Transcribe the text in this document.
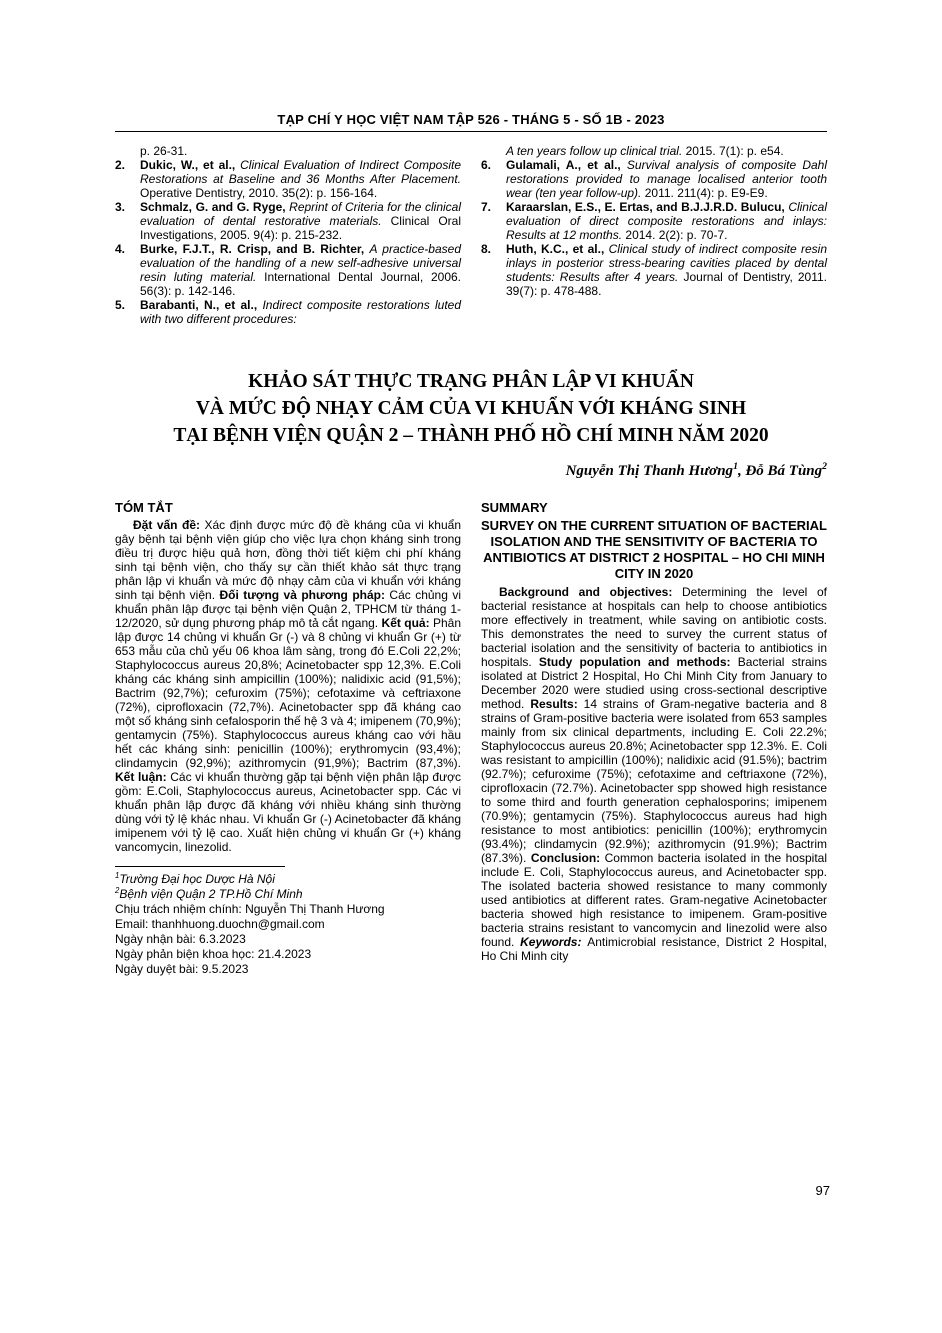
TẠP CHÍ Y HỌC VIỆT NAM TẬP 526 - THÁNG 5 - SỐ 1B - 2023

p. 26-31.

2. Dukic, W., et al., Clinical Evaluation of Indirect Composite Restorations at Baseline and 36 Months After Placement. Operative Dentistry, 2010. 35(2): p. 156-164.

3. Schmalz, G. and G. Ryge, Reprint of Criteria for the clinical evaluation of dental restorative materials. Clinical Oral Investigations, 2005. 9(4): p. 215-232.

4. Burke, F.J.T., R. Crisp, and B. Richter, A practice-based evaluation of the handling of a new self-adhesive universal resin luting material. International Dental Journal, 2006. 56(3): p. 142-146.

5. Barabanti, N., et al., Indirect composite restorations luted with two different procedures:

A ten years follow up clinical trial. 2015. 7(1): p. e54.

6. Gulamali, A., et al., Survival analysis of composite Dahl restorations provided to manage localised anterior tooth wear (ten year follow-up). 2011. 211(4): p. E9-E9.

7. Karaarslan, E.S., E. Ertas, and B.J.J.R.D. Bulucu, Clinical evaluation of direct composite restorations and inlays: Results at 12 months. 2014. 2(2): p. 70-7.

8. Huth, K.C., et al., Clinical study of indirect composite resin inlays in posterior stress-bearing cavities placed by dental students: Results after 4 years. Journal of Dentistry, 2011. 39(7): p. 478-488.

KHẢO SÁT THỰC TRẠNG PHÂN LẬP VI KHUẨN
VÀ MỨC ĐỘ NHẠY CẢM CỦA VI KHUẨN VỚI KHÁNG SINH
TẠI BỆNH VIỆN QUẬN 2 – THÀNH PHỐ HỒ CHÍ MINH NĂM 2020
Nguyễn Thị Thanh Hương$^1$, Đỗ Bá Tùng$^2$
TÓM TẮT

Đặt vấn đề: Xác định được mức độ đề kháng của vi khuẩn gây bệnh tại bệnh viện giúp cho việc lựa chọn kháng sinh trong điều trị được hiệu quả hơn, đồng thời tiết kiệm chi phí kháng sinh tại bệnh viện, cho thấy sự cần thiết khảo sát thực trạng phân lập vi khuẩn và mức độ nhạy cảm của vi khuẩn với kháng sinh tại bệnh viện. Đối tượng và phương pháp: Các chủng vi khuẩn phân lập được tại bệnh viện Quận 2, TPHCM từ tháng 1-12/2020, sử dụng phương pháp mô tả cắt ngang. Kết quả: Phân lập được 14 chủng vi khuẩn Gr (-) và 8 chủng vi khuẩn Gr (+) từ 653 mẫu của chủ yếu 06 khoa lâm sàng, trong đó E.Coli 22,2%; Staphylococcus aureus 20,8%; Acinetobacter spp 12,3%. E.Coli kháng các kháng sinh ampicillin (100%); nalidixic acid (91,5%); Bactrim (92,7%); cefuroxim (75%); cefotaxime và ceftriaxone (72%), ciprofloxacin (72,7%). Acinetobacter spp đã kháng cao một số kháng sinh cefalosporin thế hệ 3 và 4; imipenem (70,9%); gentamycin (75%). Staphylococcus aureus kháng cao với hầu hết các kháng sinh: penicillin (100%); erythromycin (93,4%); clindamycin (92,9%); azithromycin (91,9%); Bactrim (87,3%). Kết luận: Các vi khuẩn thường gặp tại bệnh viện phân lập được gồm: E.Coli, Staphylococcus aureus, Acinetobacter spp. Các vi khuẩn phân lập được đã kháng với nhiều kháng sinh thường dùng với tỷ lệ khác nhau. Vi khuẩn Gr (-) Acinetobacter đã kháng imipenem với tỷ lệ cao. Xuất hiện chủng vi khuẩn Gr (+) kháng vancomycin, linezolid.

$^1$Trường Đại học Dược Hà Nội
$^2$Bệnh viện Quận 2 TP.Hồ Chí Minh
Chịu trách nhiệm chính: Nguyễn Thị Thanh Hương
Email: thanhhuong.duochn@gmail.com
Ngày nhận bài: 6.3.2023
Ngày phản biện khoa học: 21.4.2023
Ngày duyệt bài: 9.5.2023
SUMMARY
SURVEY ON THE CURRENT SITUATION OF BACTERIAL ISOLATION AND THE SENSITIVITY OF BACTERIA TO ANTIBIOTICS AT DISTRICT 2 HOSPITAL – HO CHI MINH CITY IN 2020

Background and objectives: Determining the level of bacterial resistance at hospitals can help to choose antibiotics more effectively in treatment, while saving on antibiotic costs. This demonstrates the need to survey the current status of bacterial isolation and the sensitivity of bacteria to antibiotics in hospitals. Study population and methods: Bacterial strains isolated at District 2 Hospital, Ho Chi Minh City from January to December 2020 were studied using cross-sectional descriptive method. Results: 14 strains of Gram-negative bacteria and 8 strains of Gram-positive bacteria were isolated from 653 samples mainly from six clinical departments, including E. Coli 22.2%; Staphylococcus aureus 20.8%; Acinetobacter spp 12.3%. E. Coli was resistant to ampicillin (100%); nalidixic acid (91.5%); bactrim (92.7%); cefuroxime (75%); cefotaxime and ceftriaxone (72%), ciprofloxacin (72.7%). Acinetobacter spp showed high resistance to some third and fourth generation cephalosporins; imipenem (70.9%); gentamycin (75%). Staphylococcus aureus had high resistance to most antibiotics: penicillin (100%); erythromycin (93.4%); clindamycin (92.9%); azithromycin (91.9%); Bactrim (87.3%). Conclusion: Common bacteria isolated in the hospital include E. Coli, Staphylococcus aureus, and Acinetobacter spp. The isolated bacteria showed resistance to many commonly used antibiotics at different rates. Gram-negative Acinetobacter bacteria showed high resistance to imipenem. Gram-positive bacteria strains resistant to vancomycin and linezolid were also found. Keywords: Antimicrobial resistance, District 2 Hospital, Ho Chi Minh city

97
